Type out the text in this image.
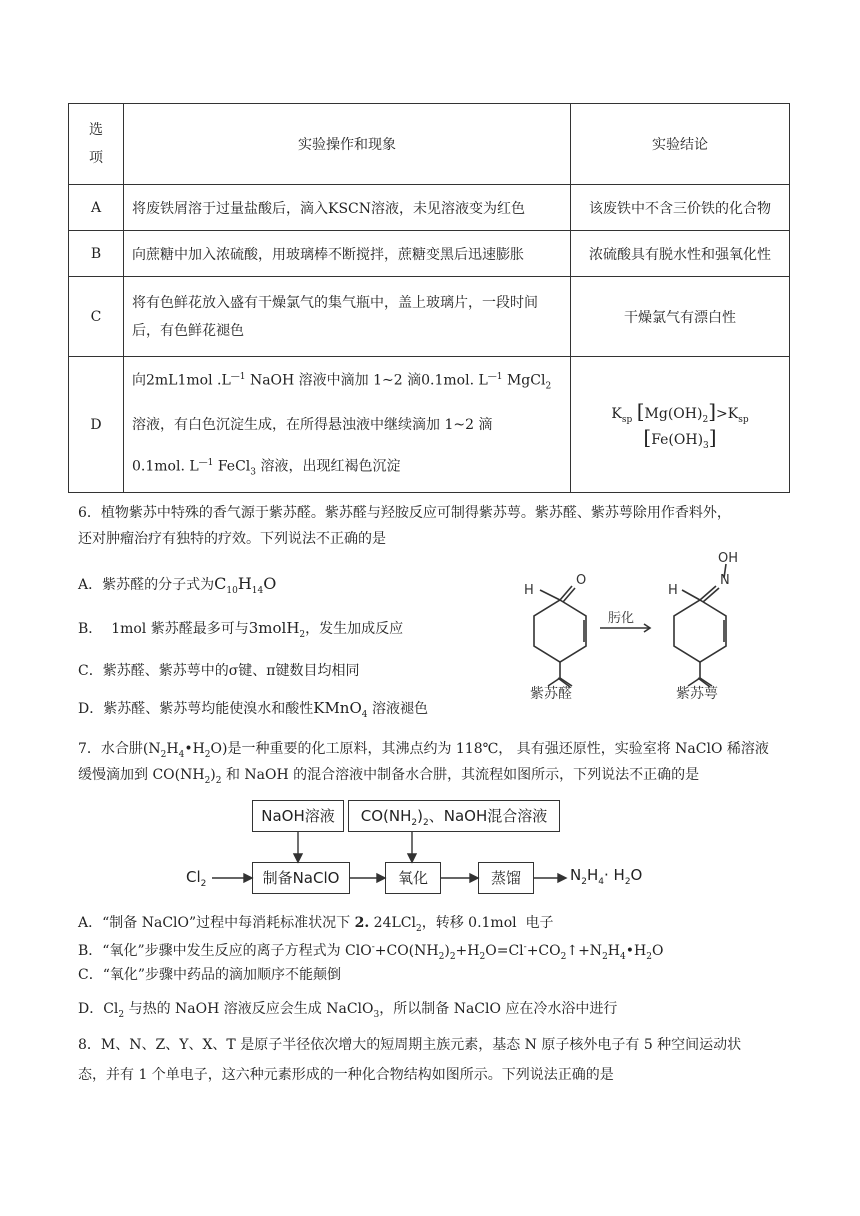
选项	实验操作和现象	实验结论
A	将废铁屑溶于过量盐酸后，滴入KSCN溶液，未见溶液变为红色	该废铁中不含三价铁的化合物
B	向蔗糖中加入浓硫酸，用玻璃棒不断搅拌，蔗糖变黑后迅速膨胀	浓硫酸具有脱水性和强氧化性
C	将有色鲜花放入盛有干燥氯气的集气瓶中，盖上玻璃片，一段时间后，有色鲜花褪色	干燥氯气有漂白性
D	向2mL1mol $.L^{—1}$ NaOH 溶液中滴加 1~2 滴0.1mol. $L^{—1}$ MgCl$_2$
溶液，有白色沉淀生成，在所得悬浊液中继续滴加 1~2 滴
0.1mol. $L^{—1}$ FeCl$_3$ 溶液，出现红褐色沉淀	$K_{sp}$ $[Mg(OH)_2]>K_{sp}$ $[Fe(OH)_3]$
6．植物紫苏中特殊的香气源于紫苏醛。紫苏醛与羟胺反应可制得紫苏萼。紫苏醛、紫苏萼除用作香料外，
还对肿瘤治疗有独特的疗效。下列说法不正确的是
A．紫苏醛的分子式为$C_{10}H_{14}O$
B．  1mol 紫苏醛最多可与3molH$_2$，发生加成反应
C．紫苏醛、紫苏萼中的σ键、π键数目均相同
D．紫苏醛、紫苏萼均能使溴水和酸性KMnO$_4$ 溶液褪色
H
O
H
N
OH
肟化
紫苏醛	紫苏萼
7．水合肼$(N_2H_4•H_2O)$是一种重要的化工原料，其沸点约为 118℃， 具有强还原性，实验室将 NaClO 稀溶液
缓慢滴加到 $CO(NH_2)_2$ 和 NaOH 的混合溶液中制备水合肼，其流程如图所示，下列说法不正确的是
NaOH溶液	$CO(NH_2)_2$、NaOH混合溶液
制备NaClO	氧化	蒸馏
$Cl_2$	$N_2H_4\cdot H_2O$
A．“制备 NaClO”过程中每消耗标准状况下 2. 24LCl$_2$，转移 0.1mol  电子
B．“氧化”步骤中发生反应的离子方程式为 $ClO^-+CO(NH_2)_2+H_2O=Cl^-+CO_2↑+N_2H_4•H_2O$
C．“氧化”步骤中药品的滴加顺序不能颠倒
D．$Cl_2$ 与热的 NaOH 溶液反应会生成 NaClO$_3$，所以制备 NaClO 应在冷水浴中进行
8．M、N、Z、Y、X、T 是原子半径依次增大的短周期主族元素，基态 N 原子核外电子有 5 种空间运动状
态，并有 1 个单电子，这六种元素形成的一种化合物结构如图所示。下列说法正确的是
